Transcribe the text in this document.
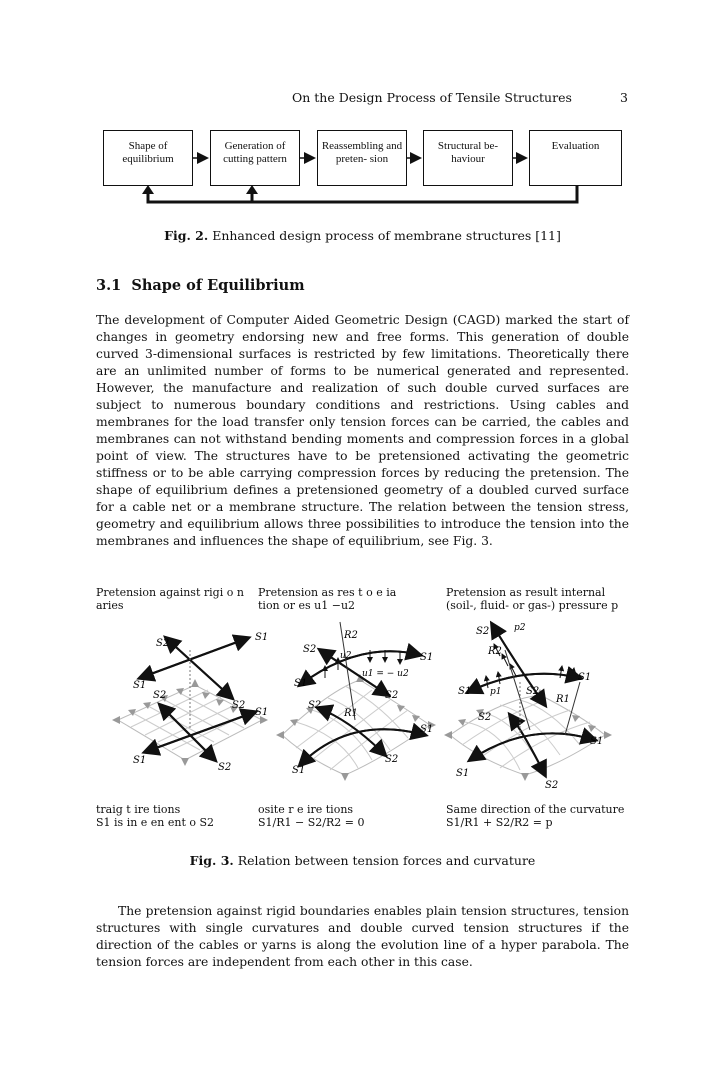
On the Design Process of Tensile Structures	3
Shape of equilibrium
Generation of cutting pattern
Reassembling and preten- sion
Structural be- haviour
Evaluation
Fig. 2. Enhanced design process of membrane structures [11]
3.1 Shape of Equilibrium

The development of Computer Aided Geometric Design (CAGD) marked the start of changes in geometry endorsing new and free forms. This generation of double curved 3-dimensional surfaces is restricted by few limitations. Theoretically there are an unlimited number of forms to be numerical generated and represented. However, the manufacture and realization of such double curved surfaces are subject to numerous boundary conditions and restrictions. Using cables and membranes for the load transfer only tension forces can be carried, the cables and membranes can not withstand bending moments and compression forces in a global point of view. The structures have to be pretensioned activating the geometric stiffness or to be able carrying compression forces by reducing the pretension. The shape of equilibrium defines a pretensioned geometry of a doubled curved surface for a cable net or a membrane structure. The relation between the tension stress, geometry and equilibrium allows three possibilities to introduce the tension into the membranes and influences the shape of equilibrium, see Fig. 3.

Pretension against rigi o n aries
Pretension as res t o e ia
tion or es u1 −u2
Pretension as result internal
(soil-, fluid- or gas-) pressure p
S2
S1
S1
S2
S2
S1
S1
S2
R2
S2
u2	S1
u1 = − u2
S1
S2
S2
R1
S1
S2
S1
S2	p2
R2
S1
S1 p1 S2
R1
S2
S1
S1
S2
traig t ire tions
S1 is in e en ent o S2
osite r e ire tions
S1/R1 − S2/R2 = 0
Same direction of the curvature
S1/R1 + S2/R2 = p
Fig. 3. Relation between tension forces and curvature

The pretension against rigid boundaries enables plain tension structures, tension structures with single curvatures and double curved tension structures if the direction of the cables or yarns is along the evolution line of a hyper parabola. The tension forces are independent from each other in this case.
